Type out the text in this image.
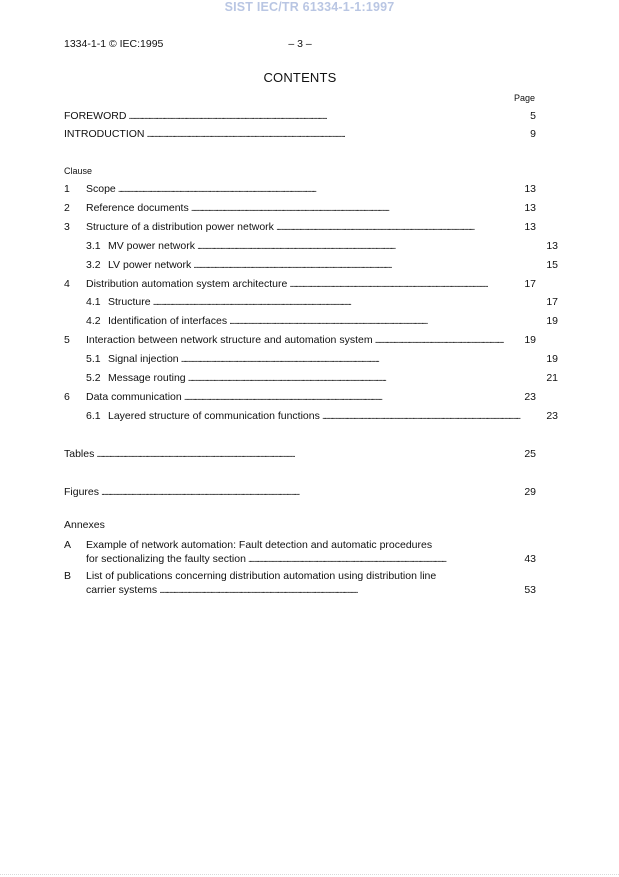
SIST IEC/TR 61334-1-1:1997
1334-1-1 © IEC:1995	– 3 –
CONTENTS
Page
FOREWORD . . .	5
INTRODUCTION . . .	9
Clause
1	Scope . . .	13
2	Reference documents . . .	13
3	Structure of a distribution power network . . .	13
3.1 MV power network . . .	13
3.2 LV power network . . .	15
4	Distribution automation system architecture . . .	17
4.1 Structure . . .	17
4.2 Identification of interfaces . . .	19
5	Interaction between network structure and automation system . . .	19
5.1 Signal injection . . .	19
5.2 Message routing . . .	21
6	Data communication . . .	23
6.1 Layered structure of communication functions . . .	23
Tables . . .	25
Figures . . .	29
Annexes
A Example of network automation: Fault detection and automatic procedures
for sectionalizing the faulty section . . .	43
B List of publications concerning distribution automation using distribution line
carrier systems . . .	53
